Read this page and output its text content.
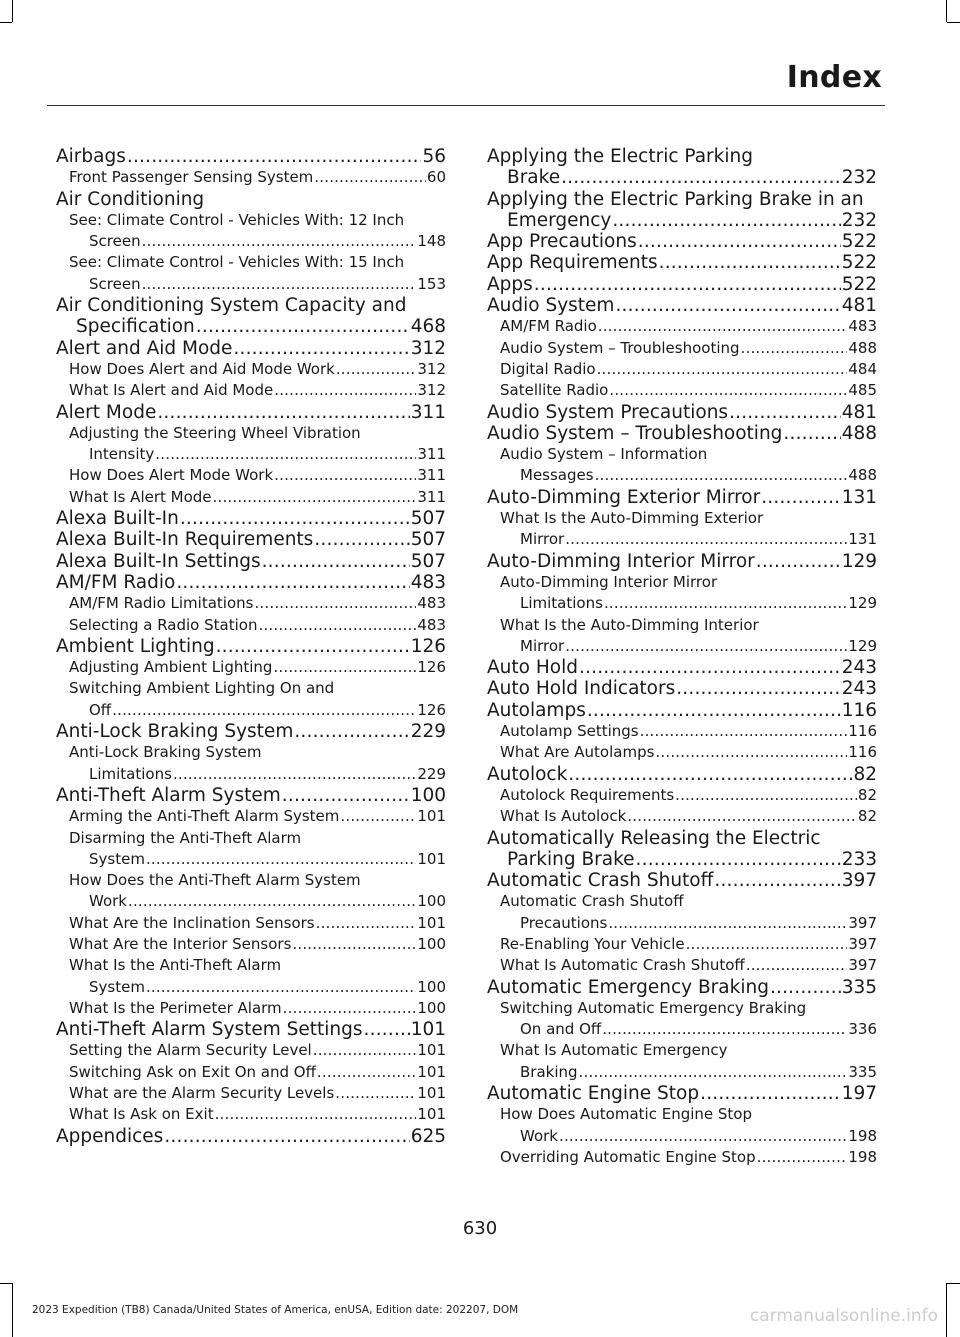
Index
Airbags .....	56
Front Passenger Sensing System .....	60
Air Conditioning
See: Climate Control - Vehicles With: 12 Inch
Screen .....	148
See: Climate Control - Vehicles With: 15 Inch
Screen .....	153
Air Conditioning System Capacity and
Specification .....	468
Alert and Aid Mode .....	312
How Does Alert and Aid Mode Work .....	312
What Is Alert and Aid Mode .....	312
Alert Mode .....	311
Adjusting the Steering Wheel Vibration
Intensity .....	311
How Does Alert Mode Work .....	311
What Is Alert Mode .....	311
Alexa Built-In .....	507
Alexa Built-In Requirements .....	507
Alexa Built-In Settings .....	507
AM/FM Radio .....	483
AM/FM Radio Limitations .....	483
Selecting a Radio Station .....	483
Ambient Lighting .....	126
Adjusting Ambient Lighting .....	126
Switching Ambient Lighting On and
Off .....	126
Anti-Lock Braking System .....	229
Anti-Lock Braking System
Limitations .....	229
Anti-Theft Alarm System .....	100
Arming the Anti-Theft Alarm System .....	101
Disarming the Anti-Theft Alarm
System .....	101
How Does the Anti-Theft Alarm System
Work .....	100
What Are the Inclination Sensors .....	101
What Are the Interior Sensors .....	100
What Is the Anti-Theft Alarm
System .....	100
What Is the Perimeter Alarm .....	100
Anti-Theft Alarm System Settings .....	101
Setting the Alarm Security Level .....	101
Switching Ask on Exit On and Off .....	101
What are the Alarm Security Levels .....	101
What Is Ask on Exit .....	101
Appendices .....	625
Applying the Electric Parking
Brake .....	232
Applying the Electric Parking Brake in an
Emergency .....	232
App Precautions .....	522
App Requirements .....	522
Apps .....	522
Audio System .....	481
AM/FM Radio .....	483
Audio System – Troubleshooting .....	488
Digital Radio .....	484
Satellite Radio .....	485
Audio System Precautions .....	481
Audio System – Troubleshooting .....	488
Audio System – Information
Messages .....	488
Auto-Dimming Exterior Mirror .....	131
What Is the Auto-Dimming Exterior
Mirror .....	131
Auto-Dimming Interior Mirror .....	129
Auto-Dimming Interior Mirror
Limitations .....	129
What Is the Auto-Dimming Interior
Mirror .....	129
Auto Hold .....	243
Auto Hold Indicators .....	243
Autolamps .....	116
Autolamp Settings .....	116
What Are Autolamps .....	116
Autolock .....	82
Autolock Requirements .....	82
What Is Autolock .....	82
Automatically Releasing the Electric
Parking Brake .....	233
Automatic Crash Shutoff .....	397
Automatic Crash Shutoff
Precautions .....	397
Re-Enabling Your Vehicle .....	397
What Is Automatic Crash Shutoff .....	397
Automatic Emergency Braking .....	335
Switching Automatic Emergency Braking
On and Off .....	336
What Is Automatic Emergency
Braking .....	335
Automatic Engine Stop .....	197
How Does Automatic Engine Stop
Work .....	198
Overriding Automatic Engine Stop .....	198
630
2023 Expedition (TB8) Canada/United States of America, enUSA, Edition date: 202207, DOM	carmanualsonline.info
